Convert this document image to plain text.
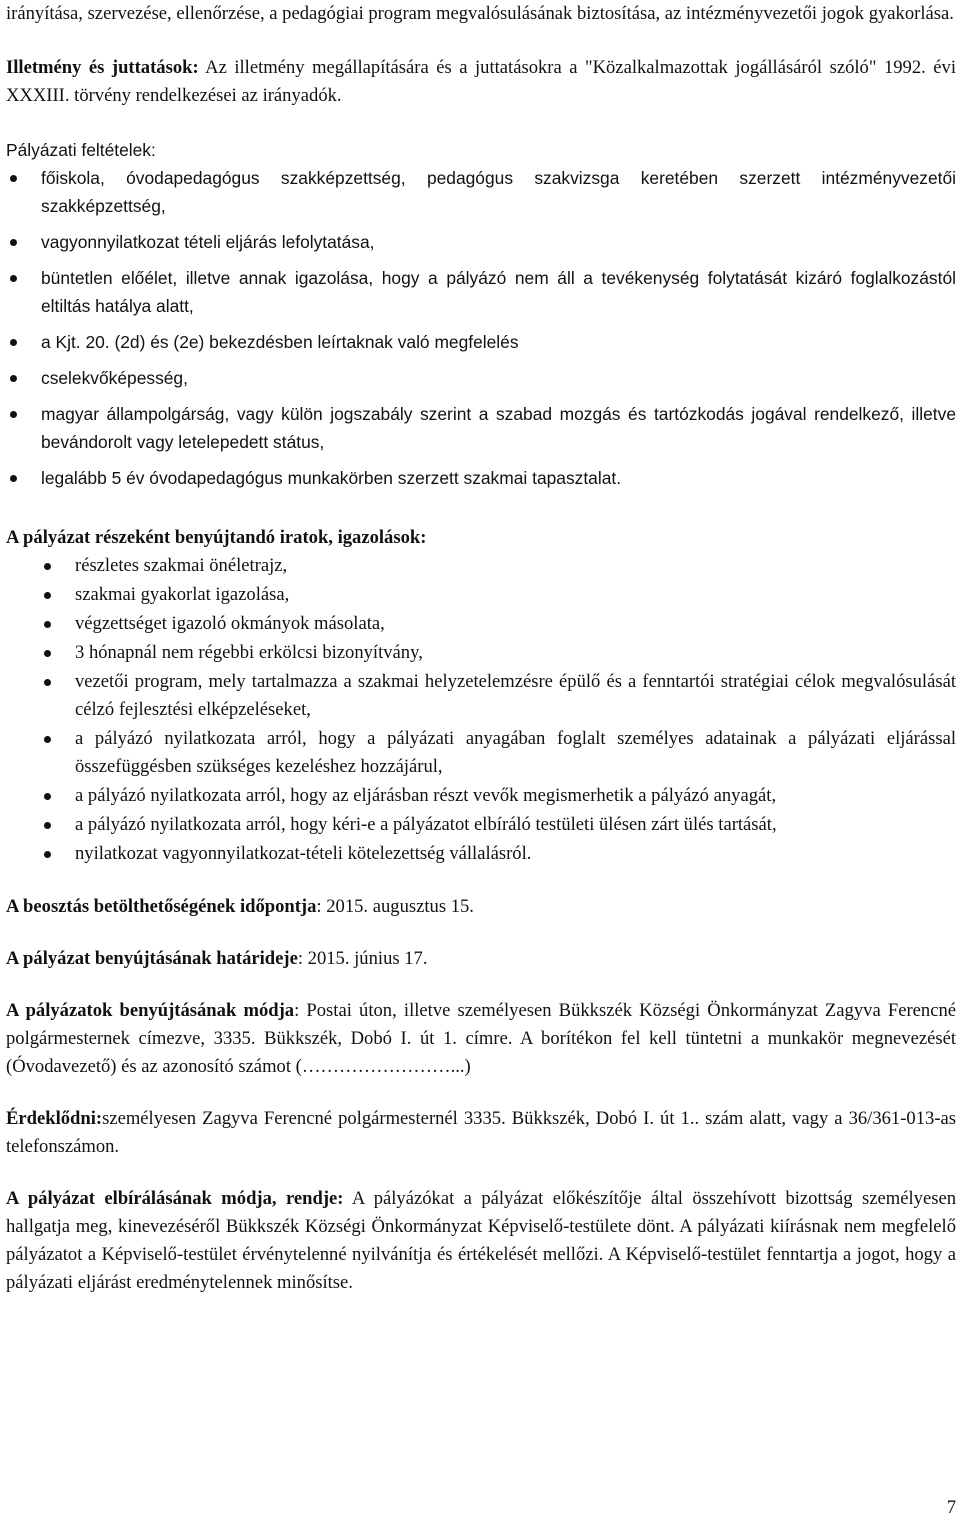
irányítása, szervezése, ellenőrzése, a pedagógiai program megvalósulásának biztosítása, az intézményvezetői jogok gyakorlása.

Illetmény és juttatások: Az illetmény megállapítására és a juttatásokra a "Közalkalmazottak jogállásáról szóló" 1992. évi XXXIII. törvény rendelkezései az irányadók.

Pályázati feltételek:

főiskola, óvodapedagógus szakképzettség, pedagógus szakvizsga keretében szerzett intézményvezetői szakképzettség,
vagyonnyilatkozat tételi eljárás lefolytatása,
büntetlen előélet, illetve annak igazolása, hogy a pályázó nem áll a tevékenység folytatását kizáró foglalkozástól eltiltás hatálya alatt,
a Kjt. 20. (2d) és (2e) bekezdésben leírtaknak való megfelelés
cselekvőképesség,
magyar állampolgárság, vagy külön jogszabály szerint a szabad mozgás és tartózkodás jogával rendelkező, illetve bevándorolt vagy letelepedett státus,
legalább 5 év óvodapedagógus munkakörben szerzett szakmai tapasztalat.

A pályázat részeként benyújtandó iratok, igazolások:

részletes szakmai önéletrajz,
szakmai gyakorlat igazolása,
végzettséget igazoló okmányok másolata,
3 hónapnál nem régebbi erkölcsi bizonyítvány,
vezetői program, mely tartalmazza a szakmai helyzetelemzésre épülő és a fenntartói stratégiai célok megvalósulását célzó fejlesztési elképzeléseket,
a pályázó nyilatkozata arról, hogy a pályázati anyagában foglalt személyes adatainak a pályázati eljárással összefüggésben szükséges kezeléshez hozzájárul,
a pályázó nyilatkozata arról, hogy az eljárásban részt vevők megismerhetik a pályázó anyagát,
a pályázó nyilatkozata arról, hogy kéri-e a pályázatot elbíráló testületi ülésen zárt ülés tartását,
nyilatkozat vagyonnyilatkozat-tételi kötelezettség vállalásról.

A beosztás betölthetőségének időpontja: 2015. augusztus 15.

A pályázat benyújtásának határideje: 2015. június 17.

A pályázatok benyújtásának módja: Postai úton, illetve személyesen Bükkszék Községi Önkormányzat Zagyva Ferencné polgármesternek címezve, 3335. Bükkszék, Dobó I. út 1. címre. A borítékon fel kell tüntetni a munkakör megnevezését (Óvodavezető) és az azonosító számot (……………………...)

Érdeklődni:személyesen Zagyva Ferencné polgármesternél 3335. Bükkszék, Dobó I. út 1.. szám alatt, vagy a 36/361-013-as telefonszámon.

A pályázat elbírálásának módja, rendje: A pályázókat a pályázat előkészítője által összehívott bizottság személyesen hallgatja meg, kinevezéséről Bükkszék Községi Önkormányzat Képviselő-testülete dönt. A pályázati kiírásnak nem megfelelő pályázatot a Képviselő-testület érvénytelenné nyilvánítja és értékelését mellőzi. A Képviselő-testület fenntartja a jogot, hogy a pályázati eljárást eredménytelennek minősítse.

7
